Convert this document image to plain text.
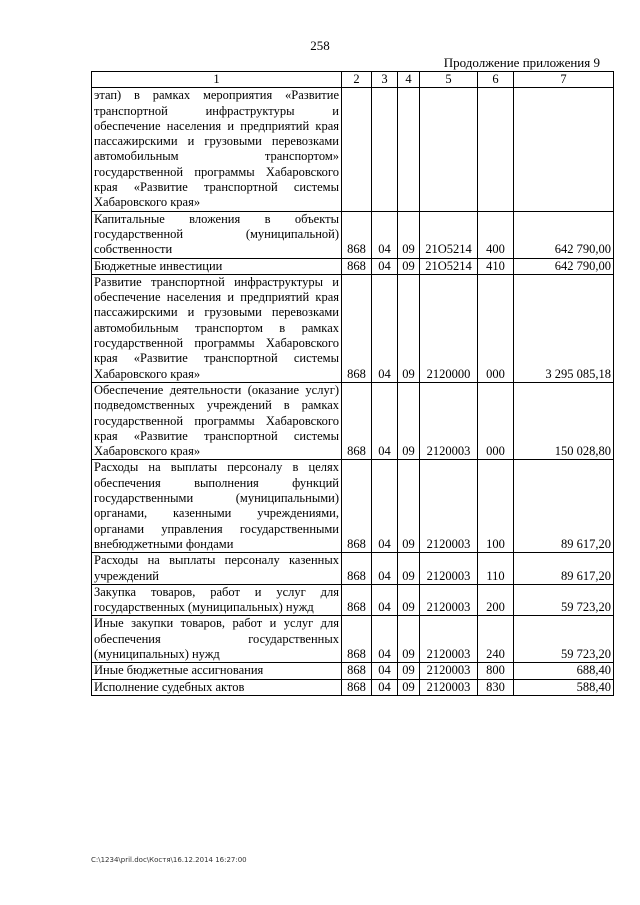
258
Продолжение приложения 9
1	2	3	4	5	6	7
этап) в рамках мероприятия «Развитие транспортной инфраструктуры и обеспечение населения и предприятий края пассажирскими и грузовыми перевозками автомобильным транспортом» государственной программы Хабаровского края «Развитие транспортной системы Хабаровского края»						
Капитальные вложения в объекты государственной (муниципальной) собственности	868	04	09	21О5214	400	642 790,00
Бюджетные инвестиции	868	04	09	21О5214	410	642 790,00
Развитие транспортной инфраструктуры и обеспечение населения и предприятий края пассажирскими и грузовыми перевозками автомобильным транспортом в рамках государственной программы Хабаровского края «Развитие транспортной системы Хабаровского края»	868	04	09	2120000	000	3 295 085,18
Обеспечение деятельности (оказание услуг) подведомственных учреждений в рамках государственной программы Хабаровского края «Развитие транспортной системы Хабаровского края»	868	04	09	2120003	000	150 028,80
Расходы на выплаты персоналу в целях обеспечения выполнения функций государственными (муниципальными) органами, казенными учреждениями, органами управления государственными внебюджетными фондами	868	04	09	2120003	100	89 617,20
Расходы на выплаты персоналу казенных учреждений	868	04	09	2120003	110	89 617,20
Закупка товаров, работ и услуг для государственных (муниципальных) нужд	868	04	09	2120003	200	59 723,20
Иные закупки товаров, работ и услуг для обеспечения государственных (муниципальных) нужд	868	04	09	2120003	240	59 723,20
Иные бюджетные ассигнования	868	04	09	2120003	800	688,40
Исполнение судебных актов	868	04	09	2120003	830	588,40
C:\1234\pril.doc\Костя\16.12.2014 16:27:00
